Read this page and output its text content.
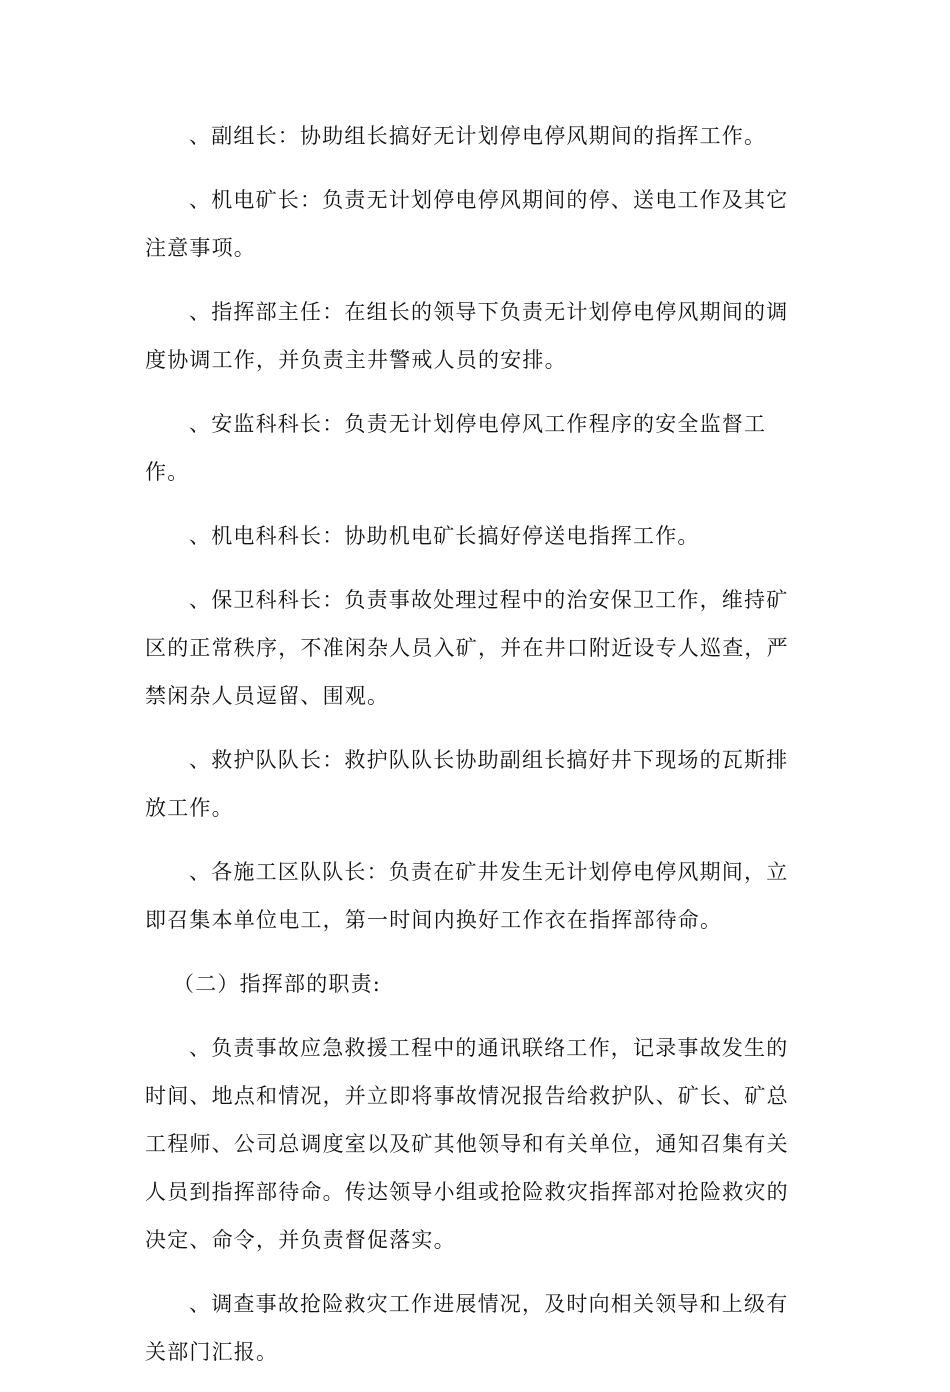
、副组长：协助组长搞好无计划停电停风期间的指挥工作。

、机电矿长：负责无计划停电停风期间的停、送电工作及其它注意事项。

、指挥部主任：在组长的领导下负责无计划停电停风期间的调度协调工作，并负责主井警戒人员的安排。

、安监科科长：负责无计划停电停风工作程序的安全监督工作。

、机电科科长：协助机电矿长搞好停送电指挥工作。

、保卫科科长：负责事故处理过程中的治安保卫工作，维持矿区的正常秩序，不准闲杂人员入矿，并在井口附近设专人巡查，严禁闲杂人员逗留、围观。

、救护队队长：救护队队长协助副组长搞好井下现场的瓦斯排放工作。

、各施工区队队长：负责在矿井发生无计划停电停风期间，立即召集本单位电工，第一时间内换好工作衣在指挥部待命。

（二）指挥部的职责:

、负责事故应急救援工程中的通讯联络工作，记录事故发生的时间、地点和情况，并立即将事故情况报告给救护队、矿长、矿总工程师、公司总调度室以及矿其他领导和有关单位，通知召集有关人员到指挥部待命。传达领导小组或抢险救灾指挥部对抢险救灾的决定、命令，并负责督促落实。

、调查事故抢险救灾工作进展情况，及时向相关领导和上级有关部门汇报。
